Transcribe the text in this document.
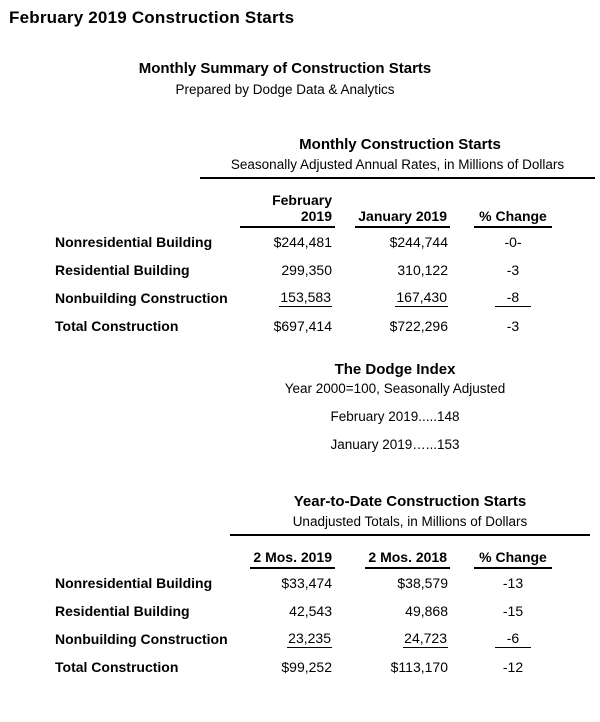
February 2019 Construction Starts
Monthly Summary of Construction Starts
Prepared by Dodge Data & Analytics
Monthly Construction Starts
Seasonally Adjusted Annual Rates, in Millions of Dollars
	February 2019	January 2019	% Change
Nonresidential Building	$244,481	$244,744	-0-
Residential Building	299,350	310,122	-3
Nonbuilding Construction	153,583	167,430	-8
Total Construction	$697,414	$722,296	-3
The Dodge Index
Year 2000=100, Seasonally Adjusted
February 2019.....148
January 2019…...153
Year-to-Date Construction Starts
Unadjusted Totals, in Millions of Dollars
	2 Mos. 2019	2 Mos. 2018	% Change
Nonresidential Building	$33,474	$38,579	-13
Residential Building	42,543	49,868	-15
Nonbuilding Construction	23,235	24,723	-6
Total Construction	$99,252	$113,170	-12
